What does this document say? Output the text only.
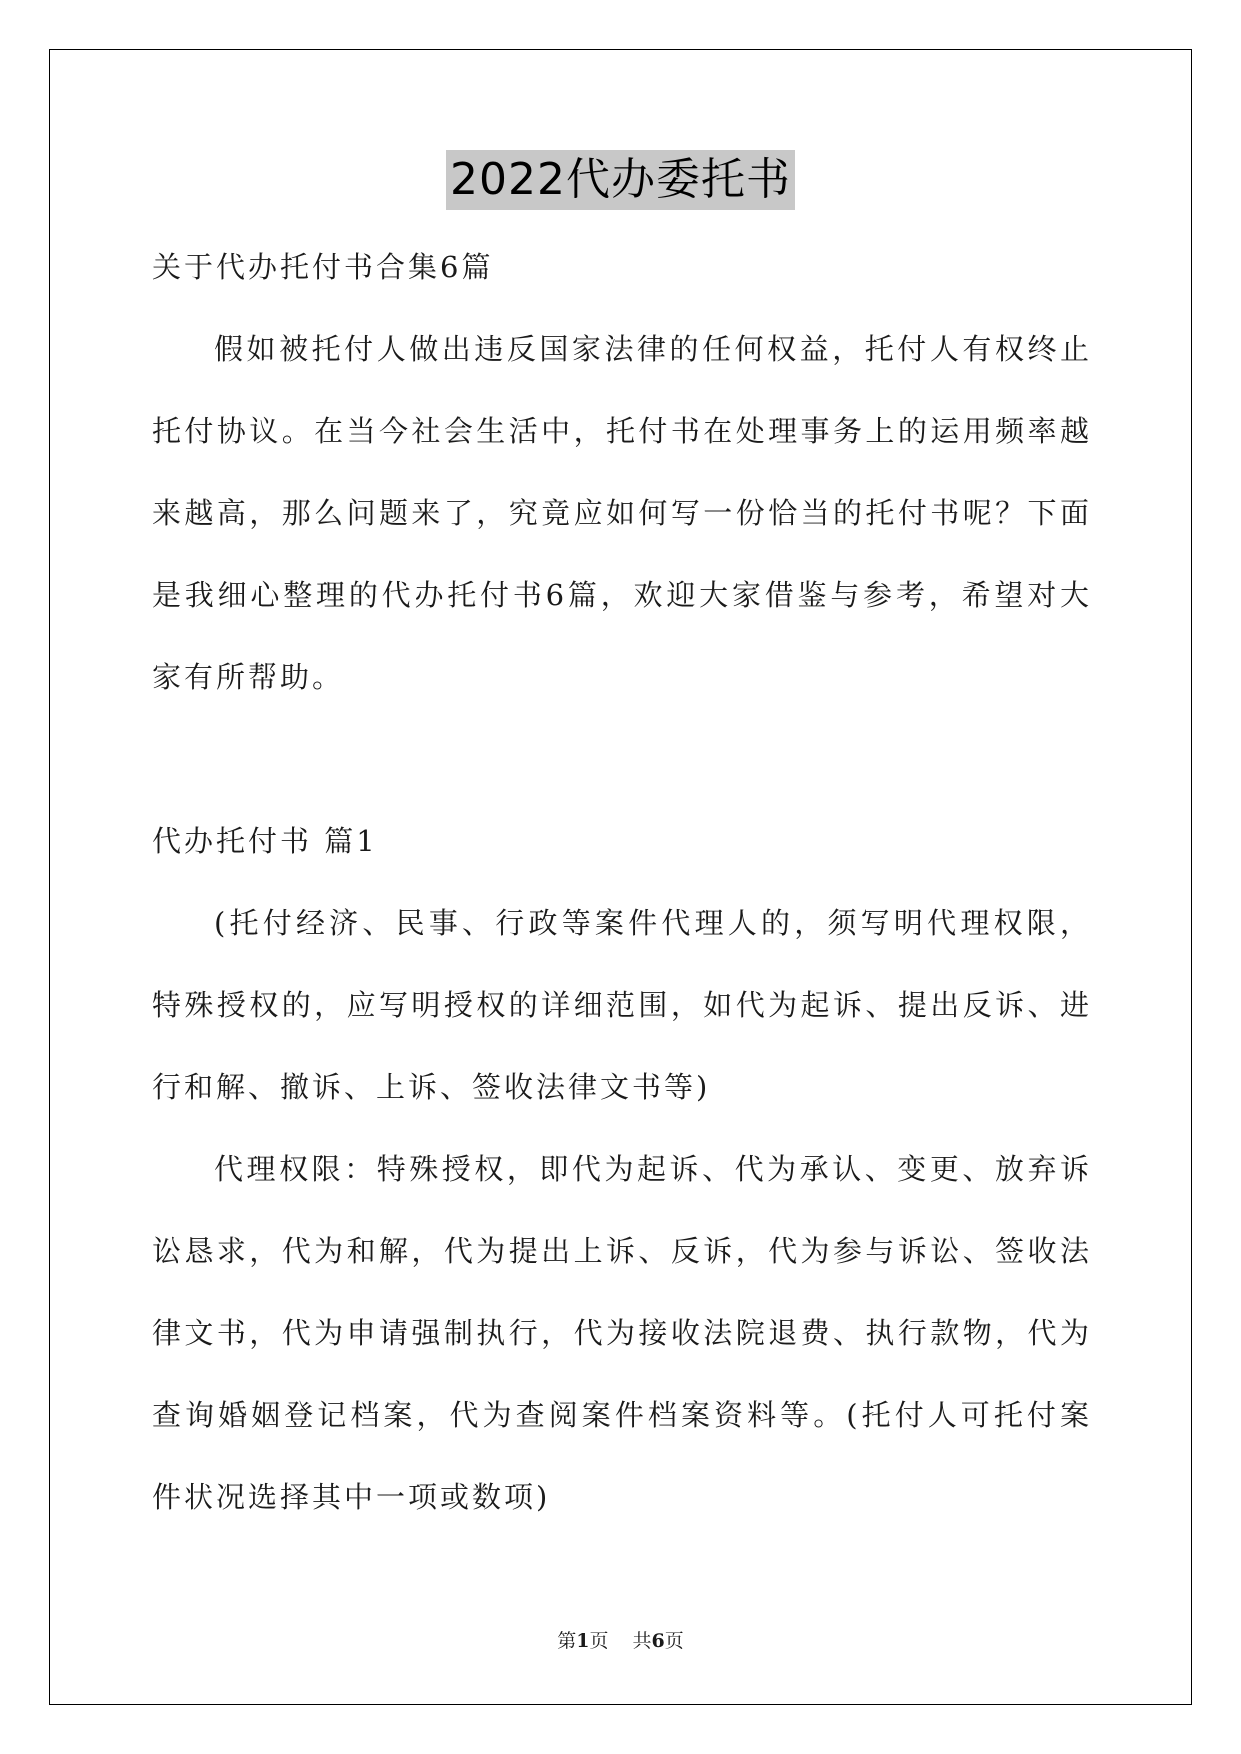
2022代办委托书

关于代办托付书合集6篇

假如被托付人做出违反国家法律的任何权益，托付人有权终止托付协议。在当今社会生活中，托付书在处理事务上的运用频率越来越高，那么问题来了，究竟应如何写一份恰当的托付书呢？下面是我细心整理的代办托付书6篇，欢迎大家借鉴与参考，希望对大家有所帮助。

代办托付书 篇1

(托付经济、民事、行政等案件代理人的，须写明代理权限，特殊授权的，应写明授权的详细范围，如代为起诉、提出反诉、进行和解、撤诉、上诉、签收法律文书等)

代理权限：特殊授权，即代为起诉、代为承认、变更、放弃诉讼恳求，代为和解，代为提出上诉、反诉，代为参与诉讼、签收法律文书，代为申请强制执行，代为接收法院退费、执行款物，代为查询婚姻登记档案，代为查阅案件档案资料等。(托付人可托付案件状况选择其中一项或数项)

第1页 共6页
